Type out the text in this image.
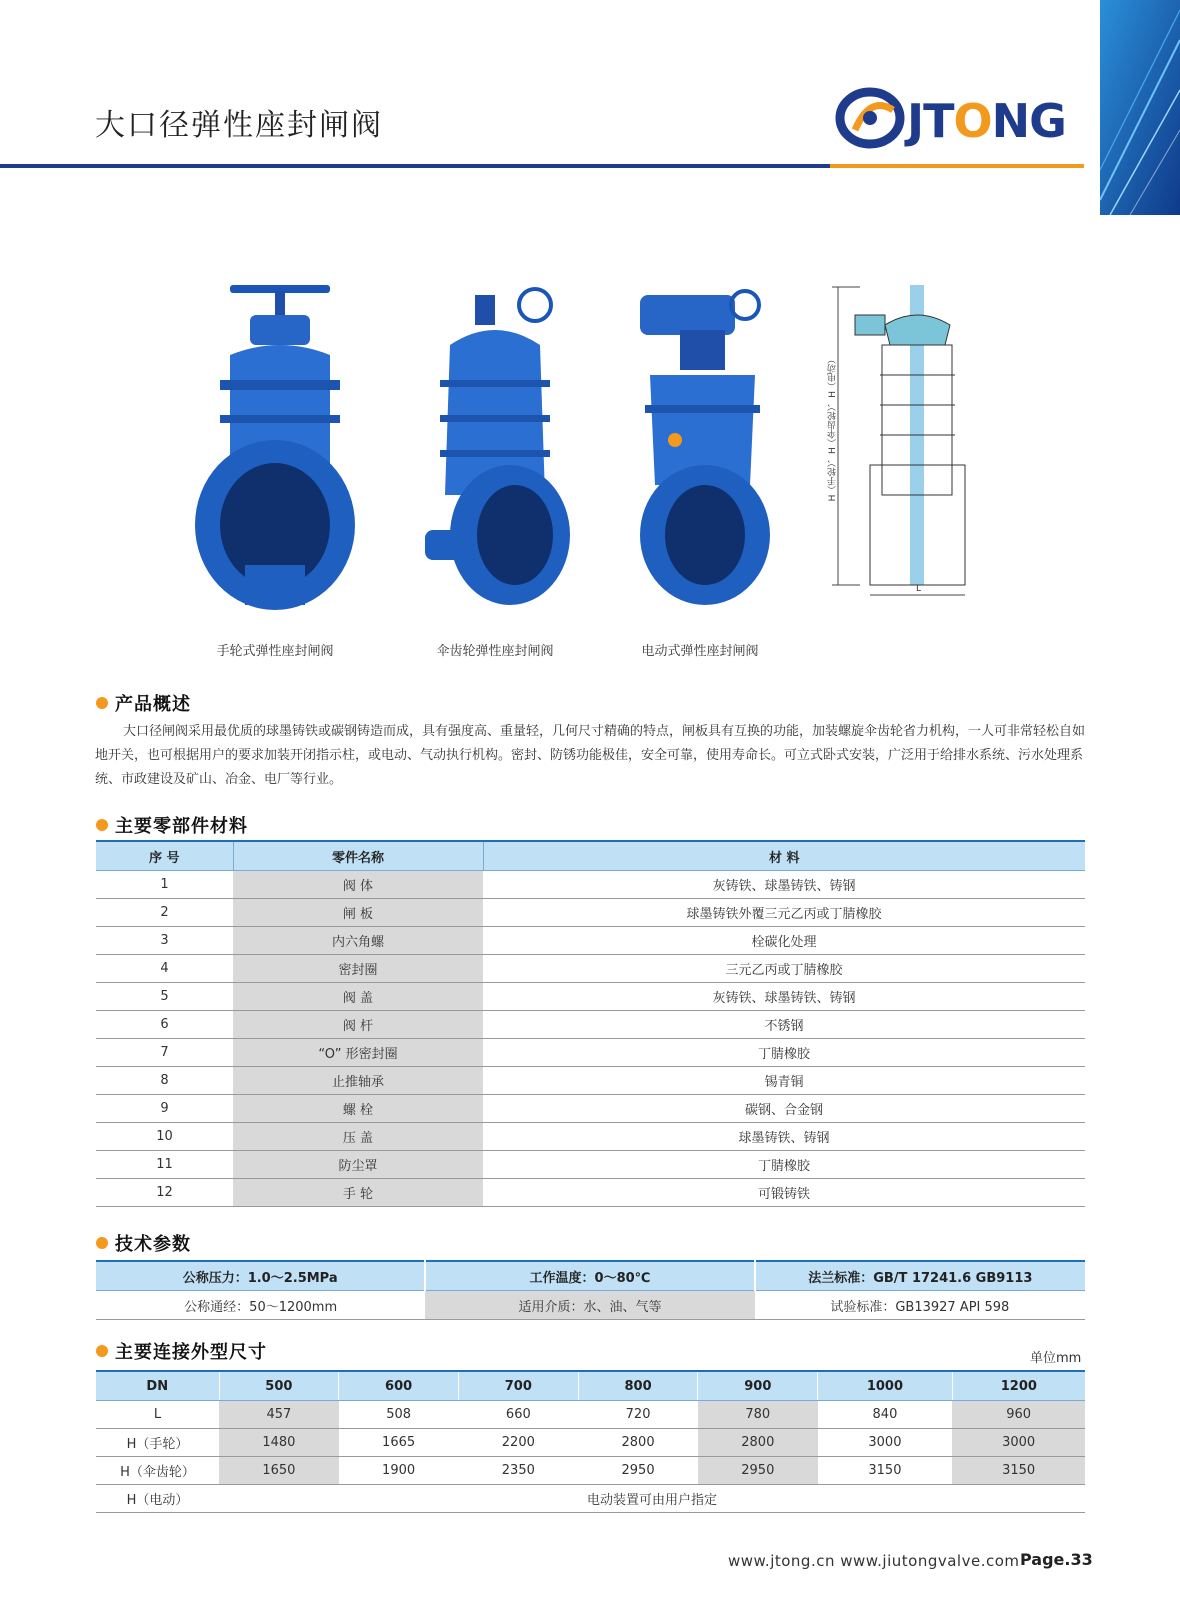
大口径弹性座封闸阀	JTONG
H（手轮）、H（伞齿轮）、H（电动）
L
手轮式弹性座封闸阀	伞齿轮弹性座封闸阀	电动式弹性座封闸阀
产品概述
大口径闸阀采用最优质的球墨铸铁或碳钢铸造而成，具有强度高、重量轻，几何尺寸精确的特点，闸板具有互换的功能，加装螺旋伞齿轮省力机构，一人可非常轻松自如地开关，也可根据用户的要求加装开闭指示柱，或电动、气动执行机构。密封、防锈功能极佳，安全可靠，使用寿命长。可立式卧式安装，广泛用于给排水系统、污水处理系统、市政建设及矿山、冶金、电厂等行业。
主要零部件材料
序 号	零件名称	材 料
1	阀 体	灰铸铁、球墨铸铁、铸钢
2	闸 板	球墨铸铁外覆三元乙丙或丁腈橡胶
3	内六角螺	栓碳化处理
4	密封圈	三元乙丙或丁腈橡胶
5	阀 盖	灰铸铁、球墨铸铁、铸钢
6	阀 杆	不锈钢
7	“O” 形密封圈	丁腈橡胶
8	止推轴承	锡青铜
9	螺 栓	碳钢、合金钢
10	压 盖	球墨铸铁、铸钢
11	防尘罩	丁腈橡胶
12	手 轮	可锻铸铁
技术参数
公称压力：1.0～2.5MPa	工作温度：0～80℃	法兰标准：GB/T 17241.6 GB9113
公称通经：50～1200mm	适用介质：水、油、气等	试验标准：GB13927 API 598
主要连接外型尺寸	单位mm
DN	500	600	700	800	900	1000	1200
L	457	508	660	720	780	840	960
H（手轮）	1480	1665	2200	2800	2800	3000	3000
H（伞齿轮）	1650	1900	2350	2950	2950	3150	3150
H（电动）	电动装置可由用户指定						
www.jtong.cn www.jiutongvalve.com Page.33
